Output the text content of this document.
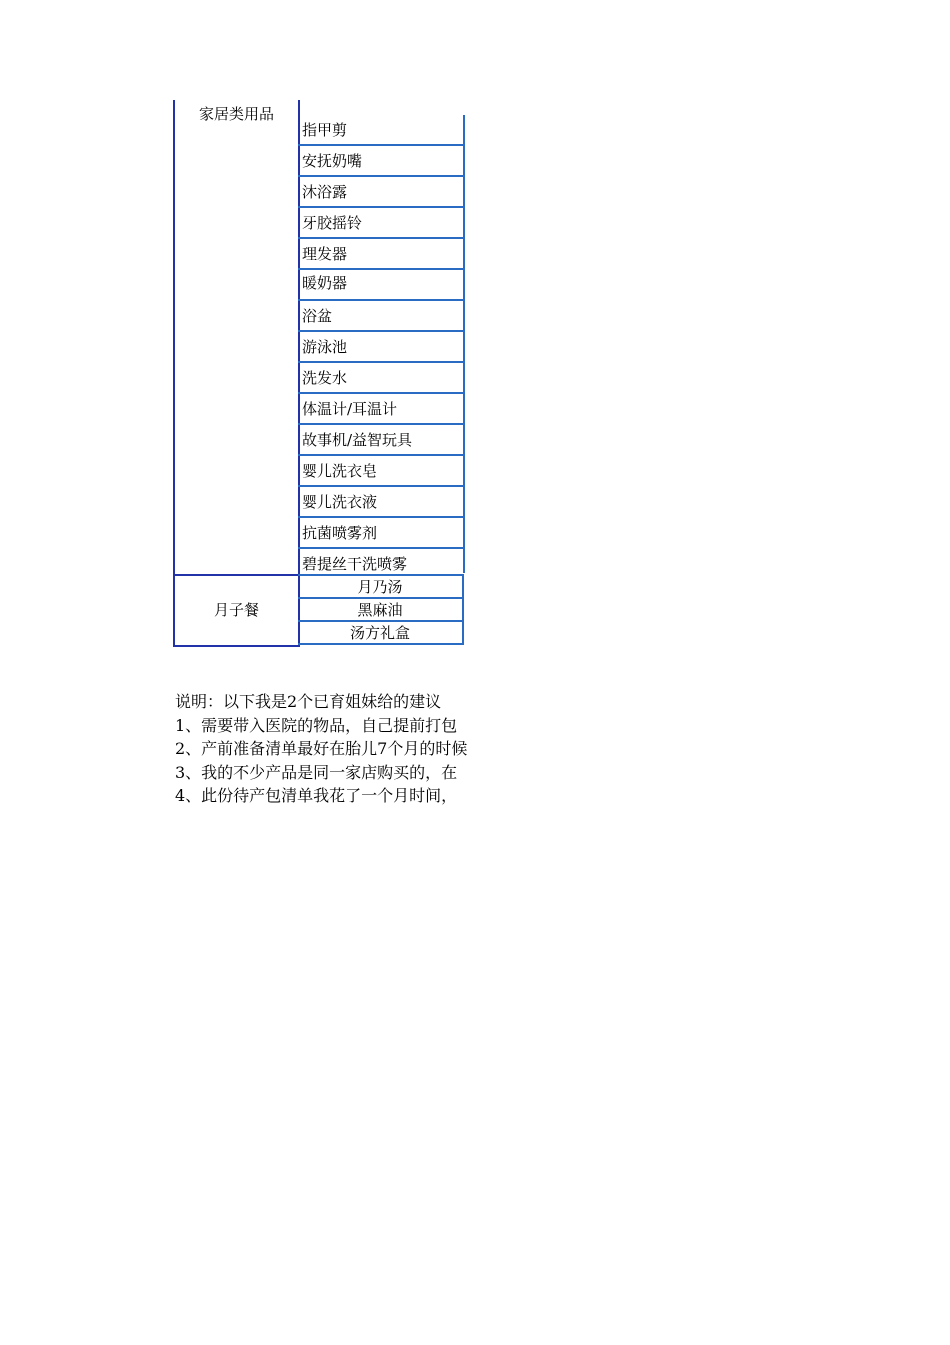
家居类用品
指甲剪
安抚奶嘴
沐浴露
牙胶摇铃
理发器
暖奶器
浴盆
游泳池
洗发水
体温计/耳温计
故事机/益智玩具
婴儿洗衣皂
婴儿洗衣液
抗菌喷雾剂
碧提丝干洗喷雾
月子餐
月乃汤
黑麻油
汤方礼盒
说明：以下我是2个已育姐妹给的建议
1、需要带入医院的物品，自己提前打包
2、产前准备清单最好在胎儿7个月的时候
3、我的不少产品是同一家店购买的，在
4、此份待产包清单我花了一个月时间，
